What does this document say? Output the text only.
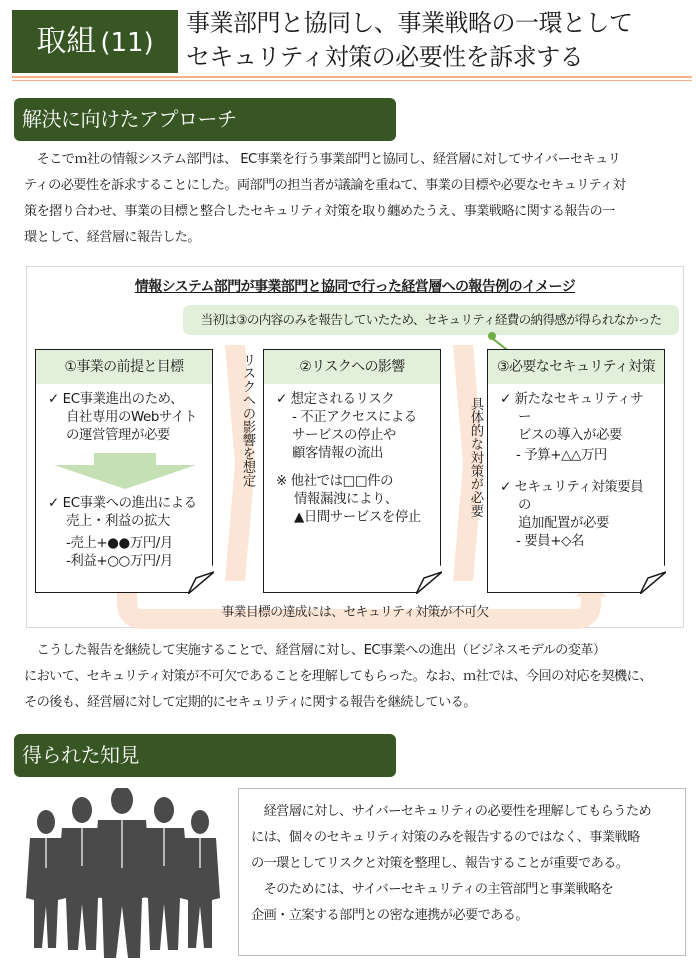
取組 (11)
事業部門と協同し、事業戦略の一環として
セキュリティ対策の必要性を訴求する
解決に向けたアプローチ

　そこでｍ社の情報システム部門は、 EC事業を行う事業部門と協同し、経営層に対してサイバーセキュリ

ティの必要性を訴求することにした。両部門の担当者が議論を重ねて、事業の目標や必要なセキュリティ対

策を摺り合わせ、事業の目標と整合したセキュリティ対策を取り纏めたうえ、事業戦略に関する報告の一

環として、経営層に報告した。

情報システム部門が事業部門と協同で行った経営層への報告例のイメージ
当初は③の内容のみを報告していたため、セキュリティ経費の納得感が得られなかった
①事業の前提と目標
✓ EC事業進出のため、
自社専用のWebサイト
の運営管理が必要
✓ EC事業への進出による
売上・利益の拡大
-売上+●●万円/月
-利益+○○万円/月
リスクへの影響を想定	②リスクへの影響
✓ 想定されるリスク
- 不正アクセスによる
サービスの停止や
顧客情報の流出
※ 他社では□□件の
情報漏洩により、
▲日間サービスを停止	具体的な対策が必要
③必要なセキュリティ対策
✓ 新たなセキュリティサー
ビスの導入が必要
- 予算+△△万円
✓ セキュリティ対策要員の
追加配置が必要
- 要員+◇名
事業目標の達成には、セキュリティ対策が不可欠

　こうした報告を継続して実施することで、経営層に対し、EC事業への進出（ビジネスモデルの変革）

において、セキュリティ対策が不可欠であることを理解してもらった。なお、ｍ社では、今回の対応を契機に、

その後も、経営層に対して定期的にセキュリティに関する報告を継続している。

得られた知見

　経営層に対し、サイバーセキュリティの必要性を理解してもらうため

には、個々のセキュリティ対策のみを報告するのではなく、事業戦略

の一環としてリスクと対策を整理し、報告することが重要である。

　そのためには、サイバーセキュリティの主管部門と事業戦略を

企画・立案する部門との密な連携が必要である。
